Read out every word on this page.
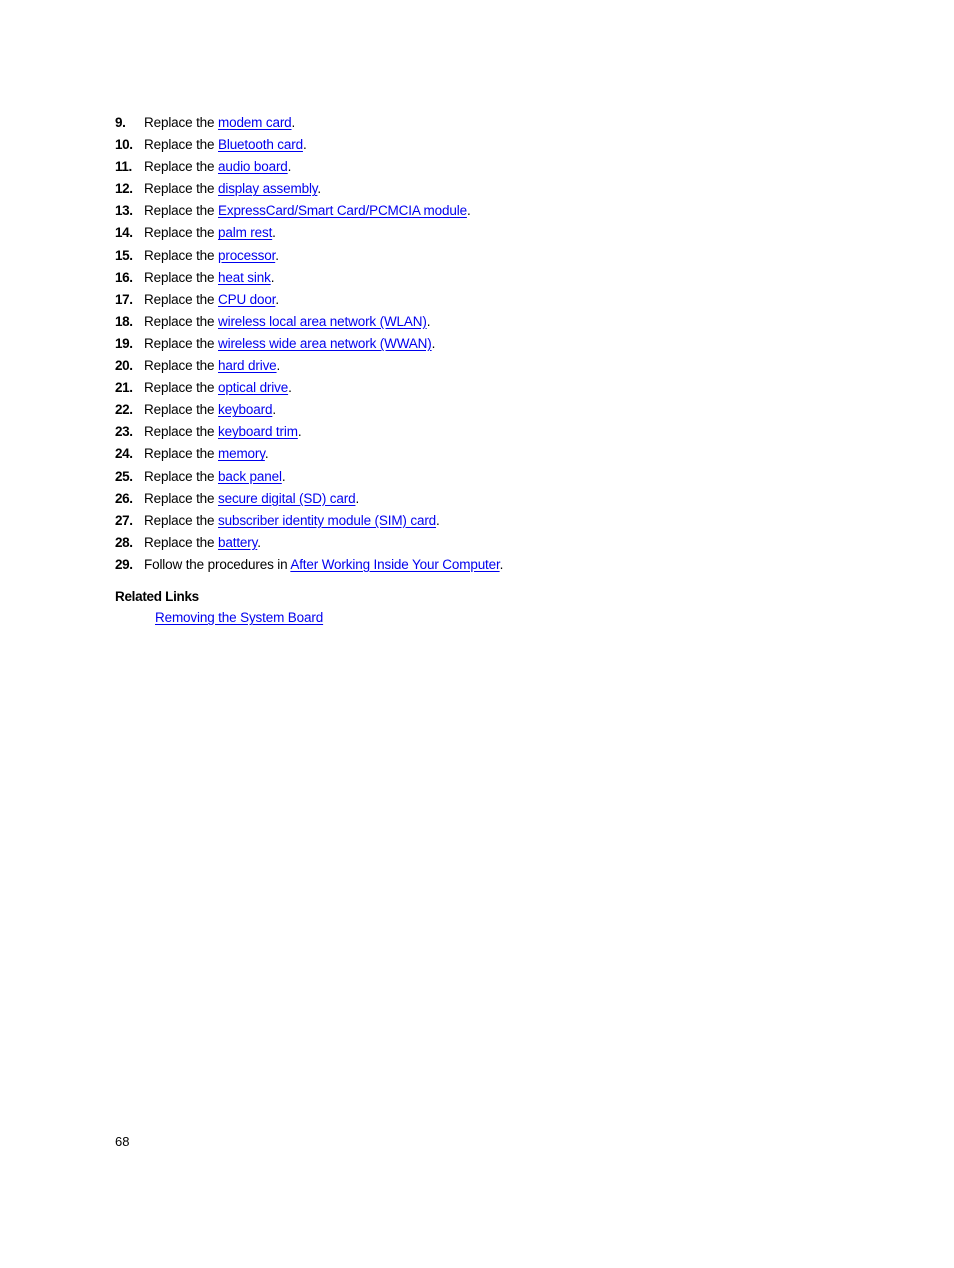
9.	Replace the modem card.
10. Replace the Bluetooth card.
11. Replace the audio board.
12. Replace the display assembly.
13. Replace the ExpressCard/Smart Card/PCMCIA module.
14. Replace the palm rest.
15. Replace the processor.
16. Replace the heat sink.
17. Replace the CPU door.
18. Replace the wireless local area network (WLAN).
19. Replace the wireless wide area network (WWAN).
20. Replace the hard drive.
21. Replace the optical drive.
22. Replace the keyboard.
23. Replace the keyboard trim.
24. Replace the memory.
25. Replace the back panel.
26. Replace the secure digital (SD) card.
27. Replace the subscriber identity module (SIM) card.
28. Replace the battery.
29. Follow the procedures in After Working Inside Your Computer.

Related Links

Removing the System Board
68
